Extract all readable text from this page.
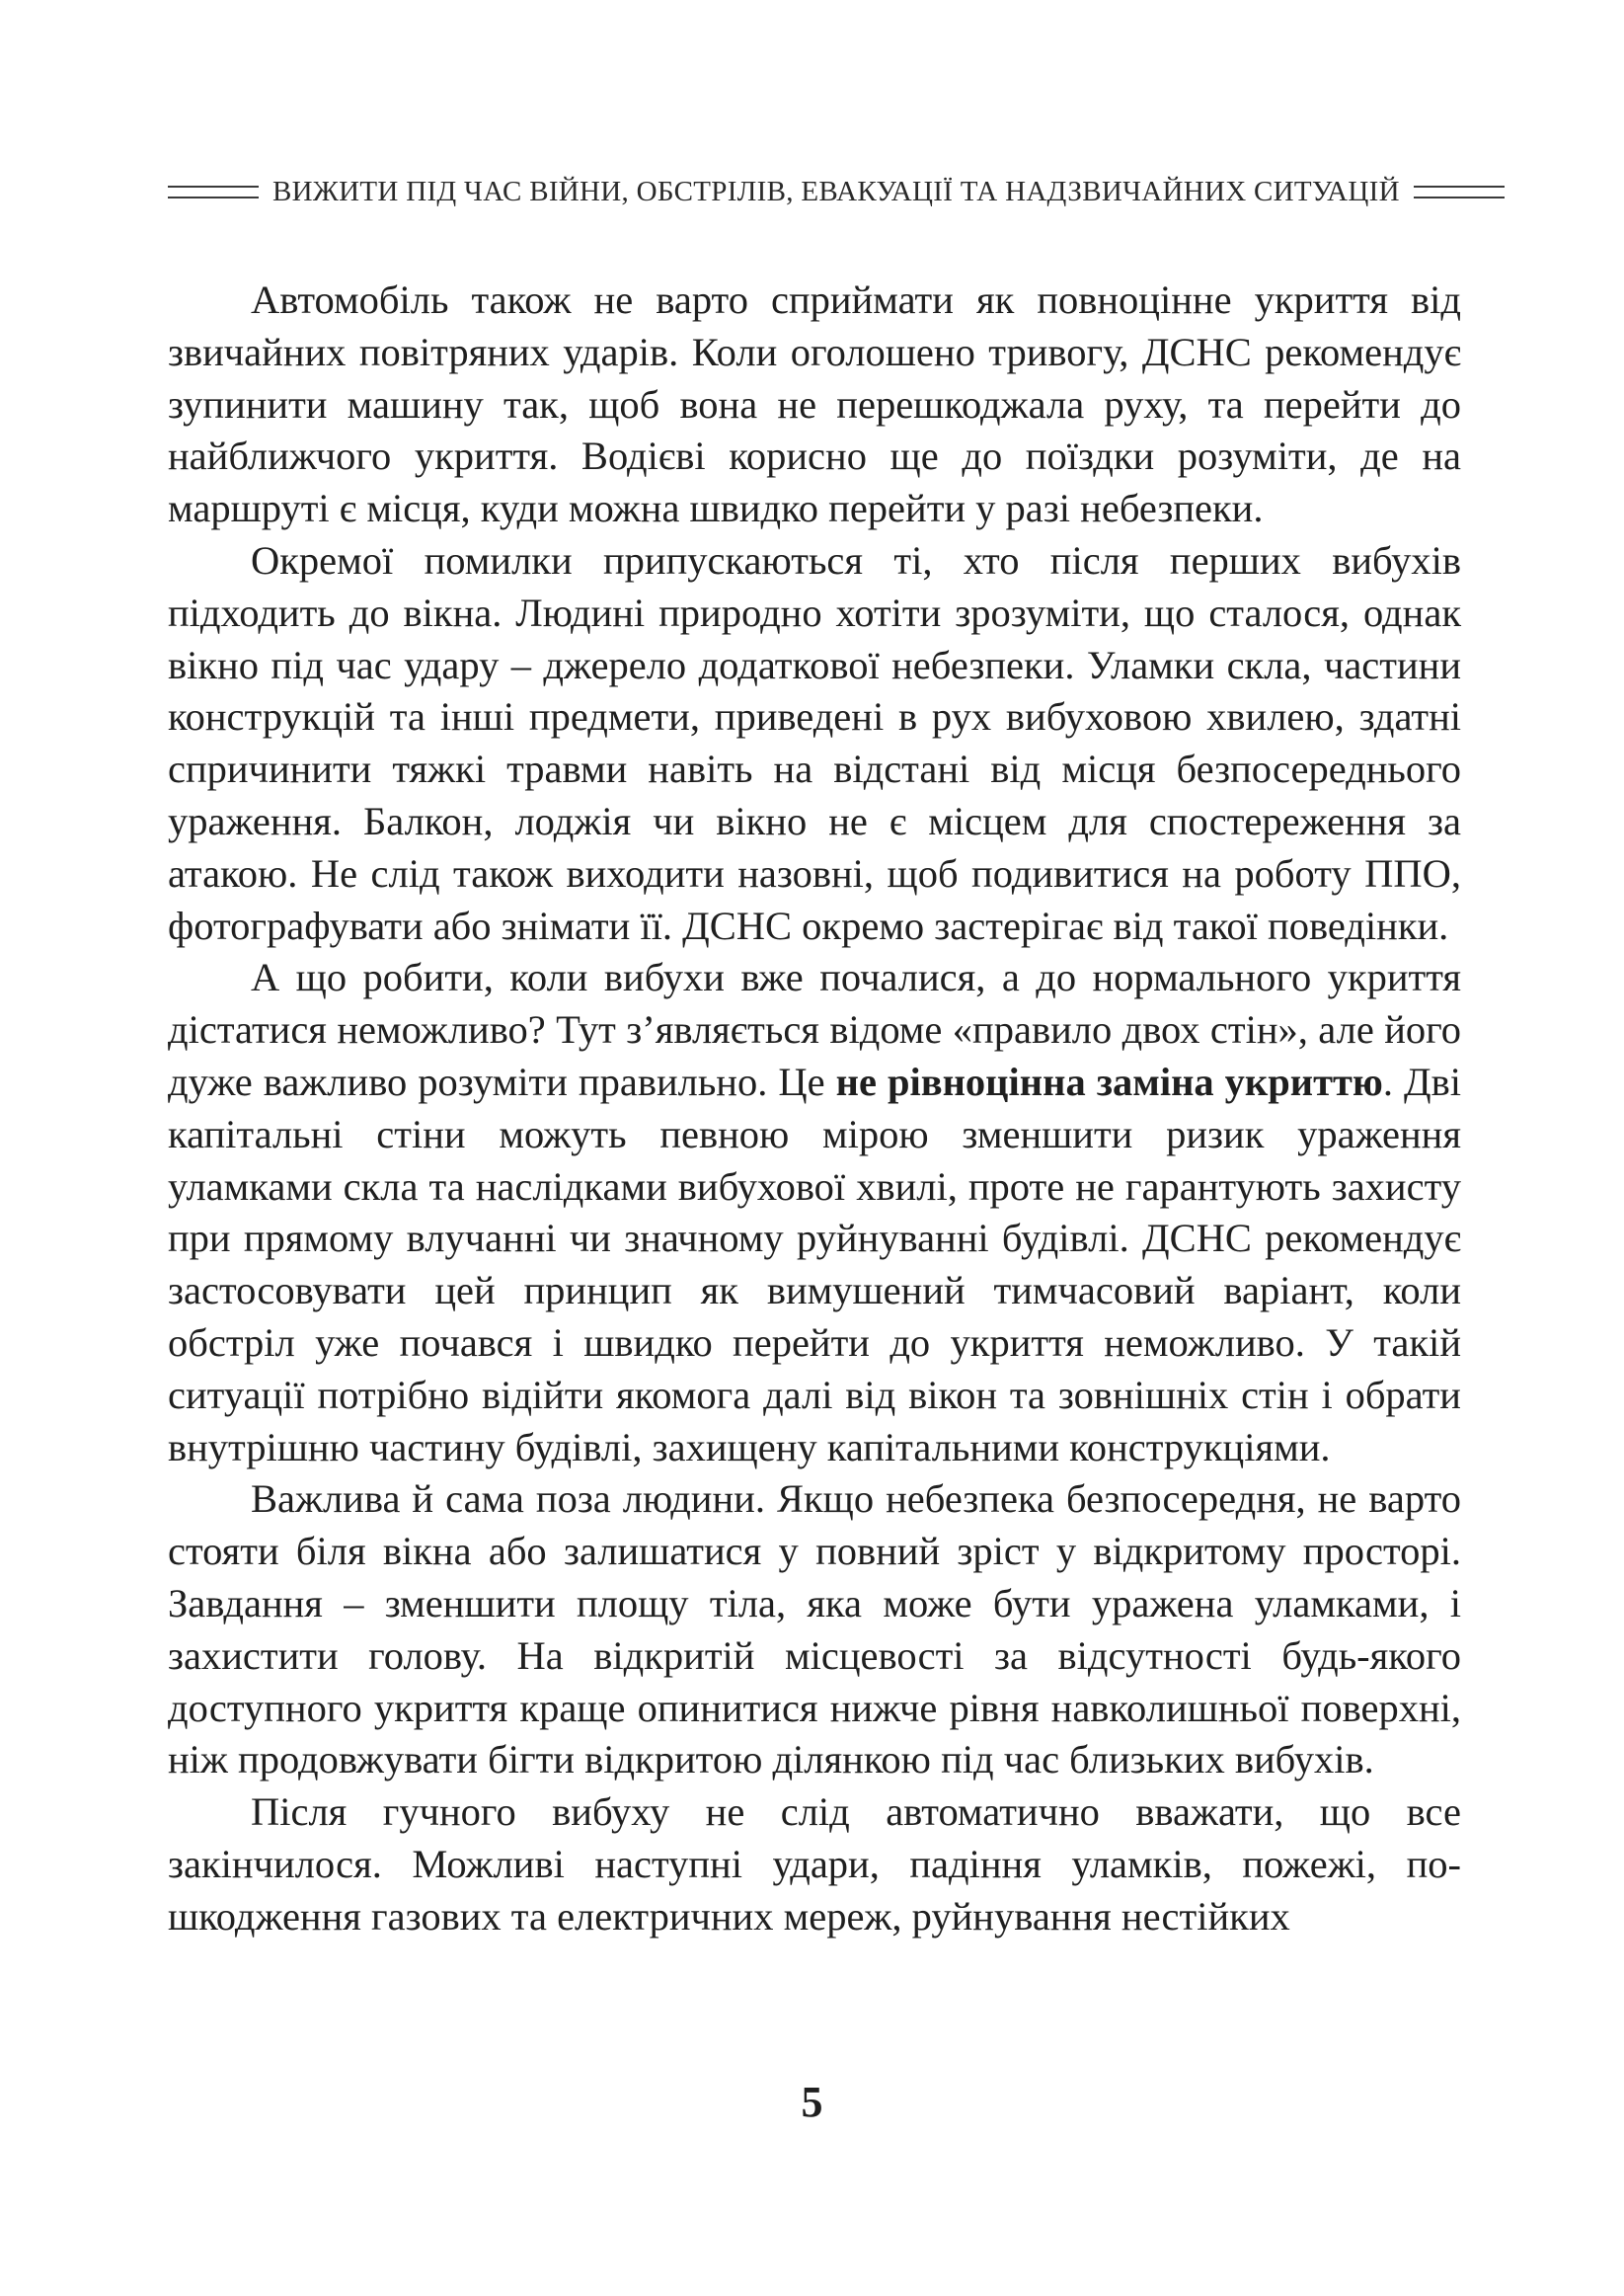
ВИЖИТИ ПІД ЧАС ВІЙНИ, ОБСТРІЛІВ, ЕВАКУАЦІЇ ТА НАДЗВИЧАЙНИХ СИТУАЦІЙ

Автомобіль також не варто сприймати як повноцінне укриття від звичайних повітряних ударів. Коли оголошено тривогу, ДСНС рекомендує зупинити машину так, щоб вона не перешкоджала руху, та перейти до найближчого укриття. Водієві корисно ще до поїздки розуміти, де на маршруті є місця, куди можна швидко перейти у разі небезпеки.

Окремої помилки припускаються ті, хто після перших вибухів підходить до вікна. Людині природно хотіти зрозуміти, що сталося, однак вікно під час удару – джерело додаткової небезпеки. Уламки скла, частини конструкцій та інші предмети, приведені в рух вибуховою хвилею, здатні спричинити тяжкі травми навіть на відстані від місця безпосереднього ураження. Балкон, лоджія чи вікно не є місцем для спостереження за атакою. Не слід також виходити назовні, щоб подивитися на роботу ППО, фотографувати або знімати її. ДСНС окремо застерігає від такої поведінки.

А що робити, коли вибухи вже почалися, а до нормального укриття дістатися неможливо? Тут з’являється відоме «правило двох стін», але його дуже важливо розуміти правильно. Це не рівноцінна заміна укриттю. Дві капітальні стіни можуть певною мірою зменшити ризик ураження уламками скла та наслідками вибухової хвилі, проте не гарантують захисту при прямому влучанні чи значному руйнуванні будівлі. ДСНС рекомендує застосовувати цей принцип як вимушений тимчасовий варіант, коли обстріл уже почався і швидко перейти до укриття неможливо. У такій ситуації потрібно відійти якомога далі від вікон та зовнішніх стін і обрати внутрішню частину будівлі, захищену капітальними конструкціями.

Важлива й сама поза людини. Якщо небезпека безпосередня, не варто стояти біля вікна або залишатися у повний зріст у відкритому просторі. Завдання – зменшити площу тіла, яка може бути уражена уламками, і захистити голову. На відкритій місцевості за відсутності будь-якого доступного укриття краще опинитися нижче рівня навколишньої поверхні, ніж продовжувати бігти відкритою ділянкою під час близьких вибухів.

Після гучного вибуху не слід автоматично вважати, що все закінчилося. Можливі наступні удари, падіння уламків, пожежі, пошкодження газових та електричних мереж, руйнування нестійких

5
